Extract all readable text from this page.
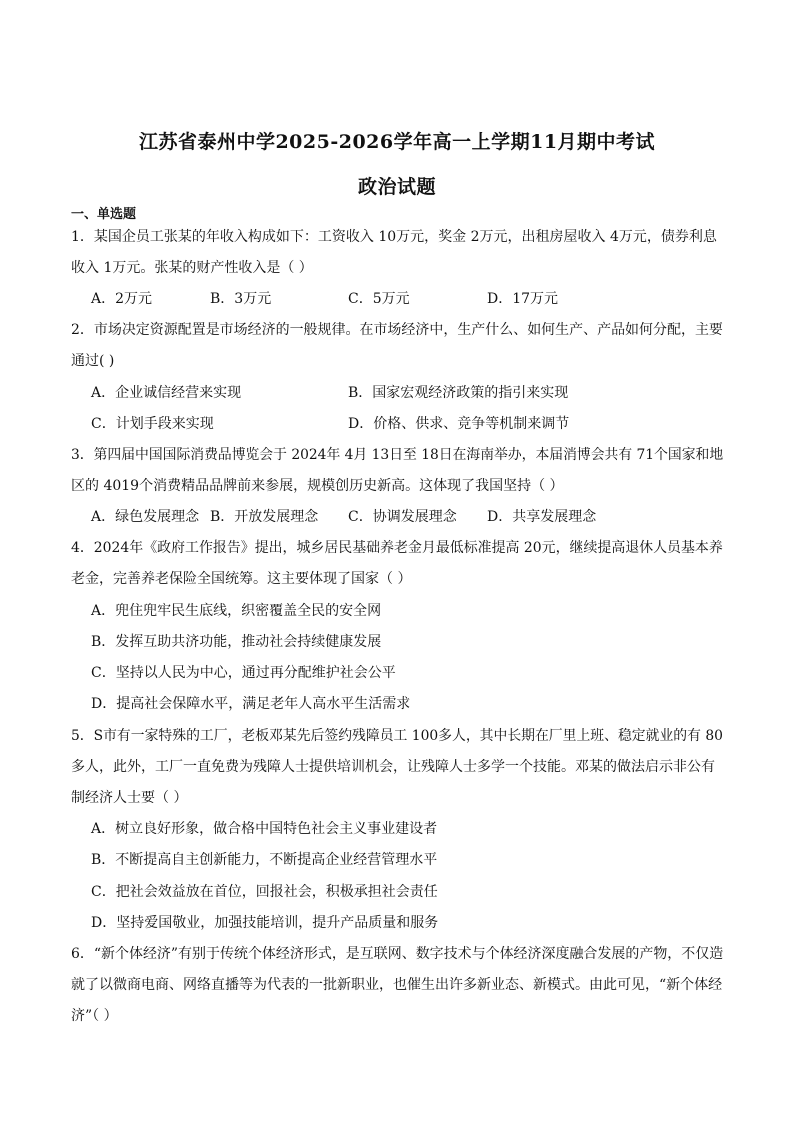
江苏省泰州中学2025-2026学年高一上学期11月期中考试
政治试题
一、单选题
1．某国企员工张某的年收入构成如下：工资收入 10万元，奖金 2万元，出租房屋收入 4万元，债券利息
收入 1万元。张某的财产性收入是（ ）
A．2万元	B．3万元	C．5万元	D．17万元
2．市场决定资源配置是市场经济的一般规律。在市场经济中，生产什么、如何生产、产品如何分配，主要
通过( )
A．企业诚信经营来实现	B．国家宏观经济政策的指引来实现
C．计划手段来实现	D．价格、供求、竞争等机制来调节
3．第四届中国国际消费品博览会于 2024年 4月 13日至 18日在海南举办，本届消博会共有 71个国家和地
区的 4019个消费精品品牌前来参展，规模创历史新高。这体现了我国坚持（ ）
A．绿色发展理念 B．开放发展理念 C．协调发展理念 D．共享发展理念
4．2024年《政府工作报告》提出，城乡居民基础养老金月最低标准提高 20元，继续提高退休人员基本养
老金，完善养老保险全国统筹。这主要体现了国家（ ）
A．兜住兜牢民生底线，织密覆盖全民的安全网
B．发挥互助共济功能，推动社会持续健康发展
C．坚持以人民为中心，通过再分配维护社会公平
D．提高社会保障水平，满足老年人高水平生活需求
5．S市有一家特殊的工厂，老板邓某先后签约残障员工 100多人，其中长期在厂里上班、稳定就业的有 80
多人，此外，工厂一直免费为残障人士提供培训机会，让残障人士多学一个技能。邓某的做法启示非公有
制经济人士要（ ）
A．树立良好形象，做合格中国特色社会主义事业建设者
B．不断提高自主创新能力，不断提高企业经营管理水平
C．把社会效益放在首位，回报社会，积极承担社会责任
D．坚持爱国敬业，加强技能培训，提升产品质量和服务
6．“新个体经济”有别于传统个体经济形式，是互联网、数字技术与个体经济深度融合发展的产物，不仅造
就了以微商电商、网络直播等为代表的一批新职业，也催生出许多新业态、新模式。由此可见，“新个体经
济”（ ）
